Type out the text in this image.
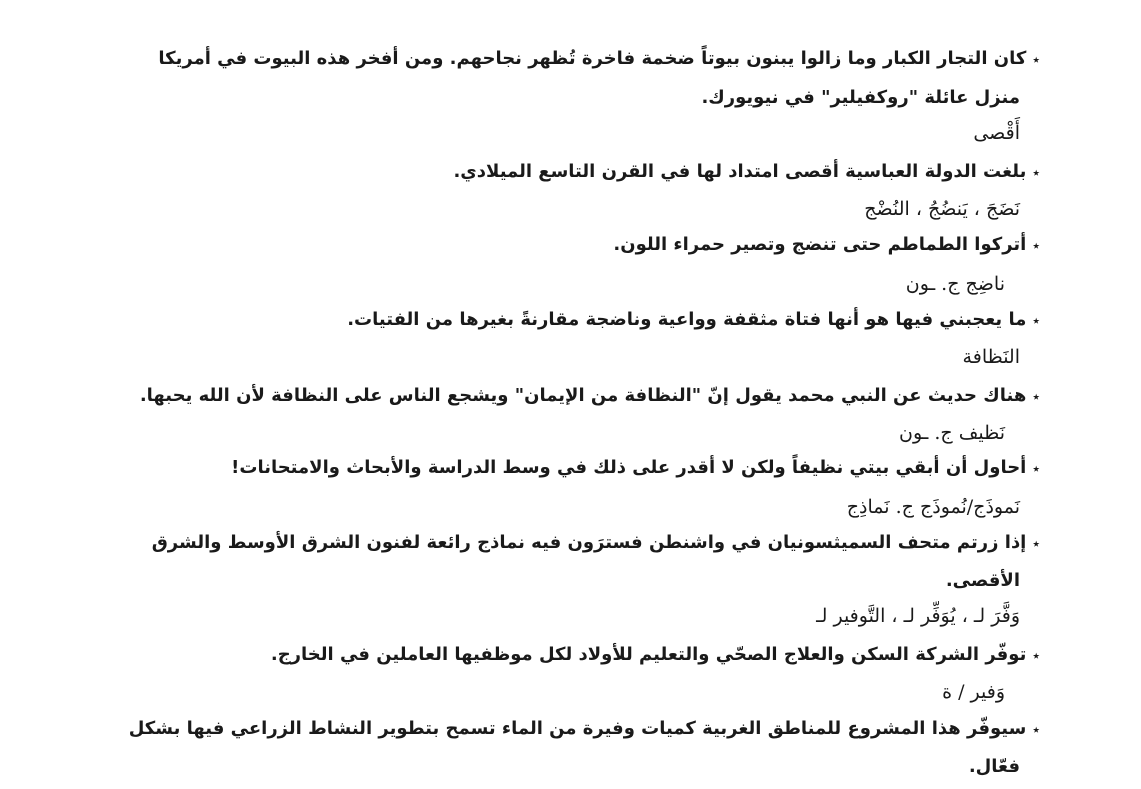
٭كان التجار الكبار وما زالوا يبنون بيوتاً ضخمة فاخرة تُظهر نجاحهم. ومن أفخر هذه البيوت في أمريكا
منزل عائلة "روكفيلير" في نيويورك.
أَقْصى
٭بلغت الدولة العباسية أقصى امتداد لها في القرن التاسع الميلادي.
نَضَجَ ، يَنضُجُ ، النُضْج
٭أتركوا الطماطم حتى تنضج وتصير حمراء اللون.
ناضِج ج. ـون
٭ما يعجبني فيها هو أنها فتاة مثقفة وواعية وناضجة مقارنةً بغيرها من الفتيات.
النَظافة
٭هناك حديث عن النبي محمد يقول إنّ "النظافة من الإيمان" ويشجع الناس على النظافة لأن الله يحبها.
نَظيف ج. ـون
٭أحاول أن أبقي بيتي نظيفاً ولكن لا أقدر على ذلك في وسط الدراسة والأبحاث والامتحانات!
نَموذَج/نُموذَج ج. نَماذِج
٭إذا زرتم متحف السميثسونيان في واشنطن فسترَون فيه نماذج رائعة لفنون الشرق الأوسط والشرق
الأقصى.
وَفَّرَ لـ ، يُوَفِّر لـ ، التَّوفير لـ
٭توفّر الشركة السكن والعلاج الصحّي والتعليم للأولاد لكل موظفيها العاملين في الخارج.
وَفير / ة
٭سيوفّر هذا المشروع للمناطق الغربية كميات وفيرة من الماء تسمح بتطوير النشاط الزراعي فيها بشكل
فعّال.
